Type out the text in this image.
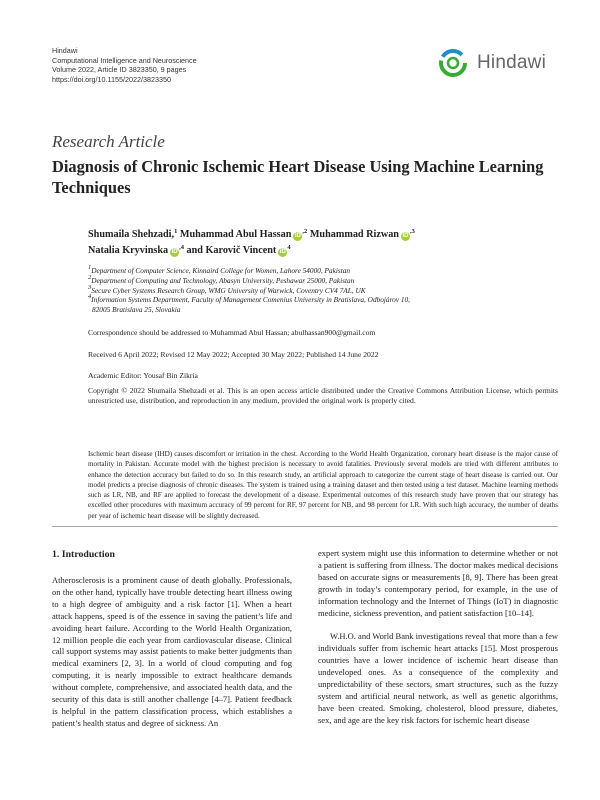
Hindawi
Computational Intelligence and Neuroscience
Volume 2022, Article ID 3823350, 9 pages
https://doi.org/10.1155/2022/3823350
Hindawi
Research Article
Diagnosis of Chronic Ischemic Heart Disease Using Machine Learning Techniques
Shumaila Shehzadi,$^1$ Muhammad Abul Hassan $iD^{,2}$ Muhammad Rizwan $iD^{,3}$
Natalia Kryvinska $iD^{,4}$ and Karovič Vincent $iD^4$
$^1$Department of Computer Science, Kinnaird College for Women, Lahore 54000, Pakistan
$^2$Department of Computing and Technology, Abasyn University, Peshawar 25000, Pakistan
$^3$Secure Cyber Systems Research Group, WMG University of Warwick, Coventry CV4 7AL, UK
$^4$Information Systems Department, Faculty of Management Comenius University in Bratislava, Odbojárov 10,
82005 Bratislava 25, Slovakia
Correspondence should be addressed to Muhammad Abul Hassan; abulhassan900@gmail.com
Received 6 April 2022; Revised 12 May 2022; Accepted 30 May 2022; Published 14 June 2022
Academic Editor: Yousaf Bin Zikria
Copyright © 2022 Shumaila Shehzadi et al. This is an open access article distributed under the Creative Commons Attribution License, which permits unrestricted use, distribution, and reproduction in any medium, provided the original work is properly cited.
Ischemic heart disease (IHD) causes discomfort or irritation in the chest. According to the World Health Organization, coronary heart disease is the major cause of mortality in Pakistan. Accurate model with the highest precision is necessary to avoid fatalities. Previously several models are tried with different attributes to enhance the detection accuracy but failed to do so. In this research study, an artificial approach to categorize the current stage of heart disease is carried out. Our model predicts a precise diagnosis of chronic diseases. The system is trained using a training dataset and then tested using a test dataset. Machine learning methods such as LR, NB, and RF are applied to forecast the development of a disease. Experimental outcomes of this research study have proven that our strategy has excelled other procedures with maximum accuracy of 99 percent for RF, 97 percent for NB, and 98 percent for LR. With such high accuracy, the number of deaths per year of ischemic heart disease will be slightly decreased.
1. Introduction

Atherosclerosis is a prominent cause of death globally. Professionals, on the other hand, typically have trouble detecting heart illness owing to a high degree of ambiguity and a risk factor [1]. When a heart attack happens, speed is of the essence in saving the patient’s life and avoiding heart failure. According to the World Health Organization, 12 million people die each year from cardiovascular disease. Clinical call support systems may assist patients to make better judgments than medical examiners [2, 3]. In a world of cloud computing and fog computing, it is nearly impossible to extract healthcare demands without complete, comprehensive, and associated health data, and the security of this data is still another challenge [4–7]. Patient feedback is helpful in the pattern classification process, which establishes a patient’s health status and degree of sickness. An

expert system might use this information to determine whether or not a patient is suffering from illness. The doctor makes medical decisions based on accurate signs or measurements [8, 9]. There has been great growth in today’s contemporary period, for example, in the use of information technology and the Internet of Things (IoT) in diagnostic medicine, sickness prevention, and patient satisfaction [10–14].

W.H.O. and World Bank investigations reveal that more than a few individuals suffer from ischemic heart attacks [15]. Most prosperous countries have a lower incidence of ischemic heart disease than undeveloped ones. As a consequence of the complexity and unpredictability of these sectors, smart structures, such as the fuzzy system and artificial neural network, as well as genetic algorithms, have been created. Smoking, cholesterol, blood pressure, diabetes, sex, and age are the key risk factors for ischemic heart disease
